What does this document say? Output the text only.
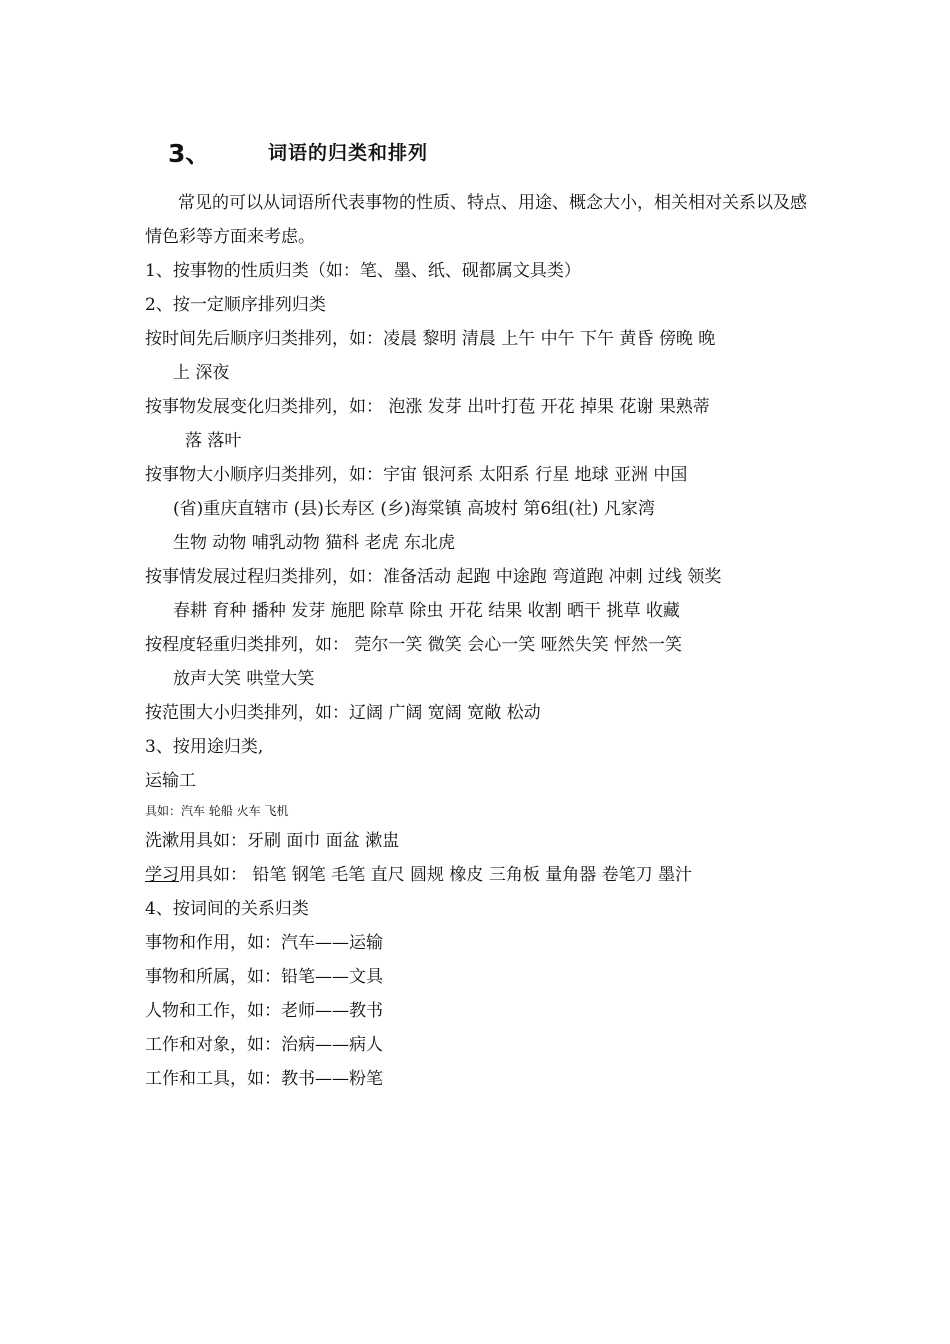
3、	词语的归类和排列

常见的可以从词语所代表事物的性质、特点、用途、概念大小，相关相对关系以及感情色彩等方面来考虑。

1、按事物的性质归类（如：笔、墨、纸、砚都属文具类）

2、按一定顺序排列归类

按时间先后顺序归类排列，如：凌晨 黎明 清晨 上午 中午 下午 黄昏 傍晚 晚

上 深夜

按事物发展变化归类排列，如： 泡涨 发芽 出叶打苞 开花 掉果 花谢 果熟蒂

落 落叶

按事物大小顺序归类排列，如：宇宙 银河系 太阳系 行星 地球 亚洲 中国

(省)重庆直辖市 (县)长寿区 (乡)海棠镇 高坡村 第6组(社) 凡家湾

生物 动物 哺乳动物 猫科 老虎 东北虎

按事情发展过程归类排列，如：准备活动 起跑 中途跑 弯道跑 冲刺 过线 领奖

春耕 育种 播种 发芽 施肥 除草 除虫 开花 结果 收割 晒干 挑草 收藏

按程度轻重归类排列，如： 莞尔一笑 微笑 会心一笑 哑然失笑 怦然一笑

放声大笑 哄堂大笑

按范围大小归类排列，如：辽阔 广阔 宽阔 宽敞 松动

3、按用途归类,

运输工

具如：汽车 轮船 火车 飞机

洗漱用具如：牙刷 面巾 面盆 漱盅

学习用具如： 铅笔 钢笔 毛笔 直尺 圆规 橡皮 三角板 量角器 卷笔刀 墨汁

4、按词间的关系归类

事物和作用，如：汽车——运输

事物和所属，如：铅笔——文具

人物和工作，如：老师——教书

工作和对象，如：治病——病人

工作和工具，如：教书——粉笔
